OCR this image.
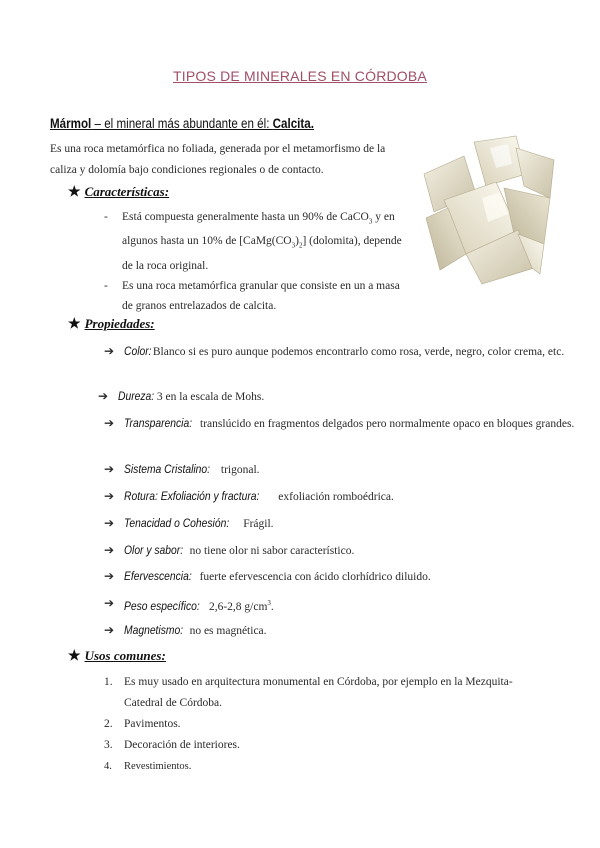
TIPOS DE MINERALES EN CÓRDOBA
Mármol – el mineral más abundante en él: Calcita.
Es una roca metamórfica no foliada, generada por el metamorfismo de la caliza y dolomía bajo condiciones regionales o de contacto.
★ Características:
- Está compuesta generalmente hasta un 90% de CaCO$_3$ y en algunos hasta un 10% de $[CaMg(CO_3)_2]$ (dolomita), depende de la roca original.
- Es una roca metamórfica granular que consiste en un a masa de granos entrelazados de calcita.
★ Propiedades:
➔ Color: Blanco si es puro aunque podemos encontrarlo como rosa, verde, negro, color crema, etc.
➔ Dureza: 3 en la escala de Mohs.
➔ Transparencia: translúcido en fragmentos delgados pero normalmente opaco en bloques grandes.
➔ Sistema Cristalino: trigonal.
➔ Rotura: Exfoliación y fractura: exfoliación romboédrica.
➔ Tenacidad o Cohesión: Frágil.
➔ Olor y sabor: no tiene olor ni sabor característico.
➔ Efervescencia: fuerte efervescencia con ácido clorhídrico diluido.
➔ Peso específico: 2,6-2,8 $g/cm^3$.
➔ Magnetismo: no es magnética.
★ Usos comunes:
1. Es muy usado en arquitectura monumental en Córdoba, por ejemplo en la Mezquita-Catedral de Córdoba.
2. Pavimentos.
3. Decoración de interiores.
4. Revestimientos.
